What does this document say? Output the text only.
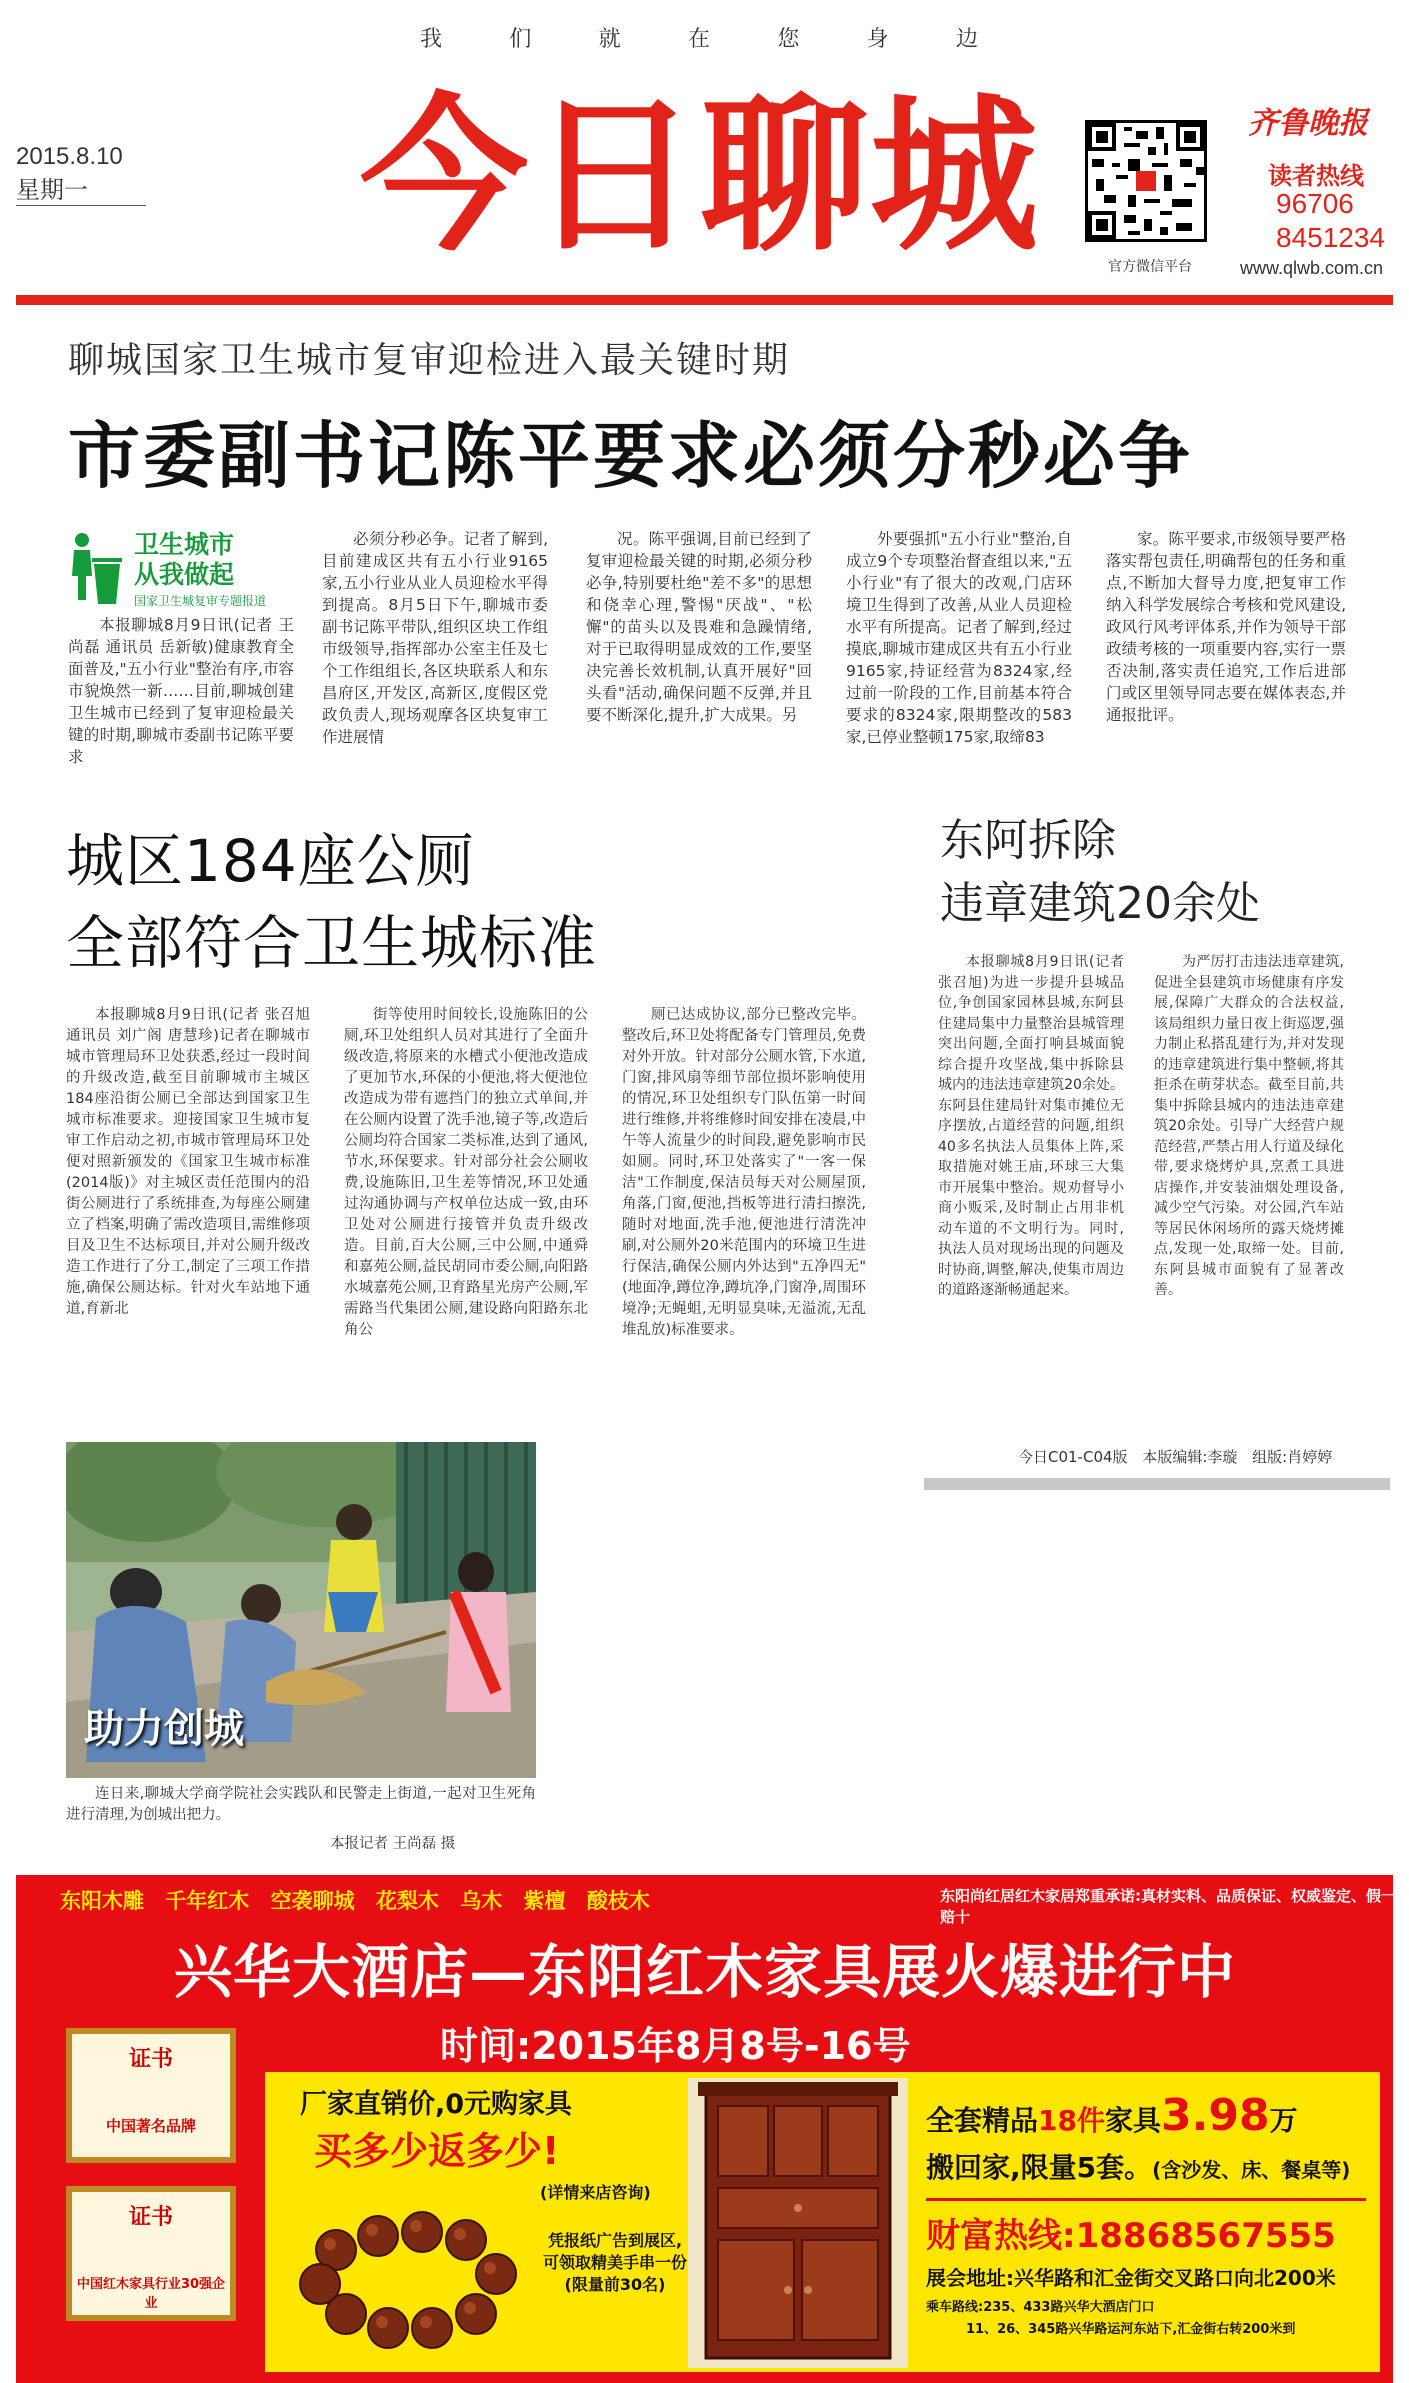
我	们	就	在	您	身	边
2015.8.10
星期一 今日聊城	官方微信平台
齐鲁晚报
读者热线
96706
8451234
www.qlwb.com.cn
聊城国家卫生城市复审迎检进入最关键时期
市委副书记陈平要求必须分秒必争
卫生城市
从我做起
国家卫生城复审专题报道

本报聊城8月9日讯(记者 王尚磊 通讯员 岳新敏)健康教育全面普及,"五小行业"整治有序,市容市貌焕然一新……目前,聊城创建卫生城市已经到了复审迎检最关键的时期,聊城市委副书记陈平要求

必须分秒必争。记者了解到,目前建成区共有五小行业9165家,五小行业从业人员迎检水平得到提高。8月5日下午,聊城市委副书记陈平带队,组织区块工作组市级领导,指挥部办公室主任及七个工作组组长,各区块联系人和东昌府区,开发区,高新区,度假区党政负责人,现场观摩各区块复审工作进展情

况。陈平强调,目前已经到了复审迎检最关键的时期,必须分秒必争,特别要杜绝"差不多"的思想和侥幸心理,警惕"厌战"、"松懈"的苗头以及畏难和急躁情绪,对于已取得明显成效的工作,要坚决完善长效机制,认真开展好"回头看"活动,确保问题不反弹,并且要不断深化,提升,扩大成果。另

外要强抓"五小行业"整治,自成立9个专项整治督查组以来,"五小行业"有了很大的改观,门店环境卫生得到了改善,从业人员迎检水平有所提高。记者了解到,经过摸底,聊城市建成区共有五小行业9165家,持证经营为8324家,经过前一阶段的工作,目前基本符合要求的8324家,限期整改的583家,已停业整顿175家,取缔83

家。陈平要求,市级领导要严格落实帮包责任,明确帮包的任务和重点,不断加大督导力度,把复审工作纳入科学发展综合考核和党风建设,政风行风考评体系,并作为领导干部政绩考核的一项重要内容,实行一票否决制,落实责任追究,工作后进部门或区里领导同志要在媒体表态,并通报批评。

城区184座公厕
全部符合卫生城标准

本报聊城8月9日讯(记者 张召旭 通讯员 刘广阁 唐慧珍)记者在聊城市城市管理局环卫处获悉,经过一段时间的升级改造,截至目前聊城市主城区184座沿街公厕已全部达到国家卫生城市标准要求。迎接国家卫生城市复审工作启动之初,市城市管理局环卫处便对照新颁发的《国家卫生城市标准(2014版)》对主城区责任范围内的沿街公厕进行了系统排查,为每座公厕建立了档案,明确了需改造项目,需维修项目及卫生不达标项目,并对公厕升级改造工作进行了分工,制定了三项工作措施,确保公厕达标。针对火车站地下通道,育新北

街等使用时间较长,设施陈旧的公厕,环卫处组织人员对其进行了全面升级改造,将原来的水槽式小便池改造成了更加节水,环保的小便池,将大便池位改造成为带有遮挡门的独立式单间,并在公厕内设置了洗手池,镜子等,改造后公厕均符合国家二类标准,达到了通风,节水,环保要求。针对部分社会公厕收费,设施陈旧,卫生差等情况,环卫处通过沟通协调与产权单位达成一致,由环卫处对公厕进行接管并负责升级改造。目前,百大公厕,三中公厕,中通舜和嘉苑公厕,益民胡同市委公厕,向阳路水城嘉苑公厕,卫育路星光房产公厕,军需路当代集团公厕,建设路向阳路东北角公

厕已达成协议,部分已整改完毕。整改后,环卫处将配备专门管理员,免费对外开放。针对部分公厕水管,下水道,门窗,排风扇等细节部位损坏影响使用的情况,环卫处组织专门队伍第一时间进行维修,并将维修时间安排在凌晨,中午等人流量少的时间段,避免影响市民如厕。同时,环卫处落实了"一客一保洁"工作制度,保洁员每天对公厕屋顶,角落,门窗,便池,挡板等进行清扫擦洗,随时对地面,洗手池,便池进行清洗冲刷,对公厕外20米范围内的环境卫生进行保洁,确保公厕内外达到"五净四无"(地面净,蹲位净,蹲坑净,门窗净,周围环境净;无蝇蛆,无明显臭味,无溢流,无乱堆乱放)标准要求。

东阿拆除
违章建筑20余处

本报聊城8月9日讯(记者 张召旭)为进一步提升县城品位,争创国家园林县城,东阿县住建局集中力量整治县城管理突出问题,全面打响县城面貌综合提升攻坚战,集中拆除县城内的违法违章建筑20余处。东阿县住建局针对集市摊位无序摆放,占道经营的问题,组织40多名执法人员集体上阵,采取措施对姚王庙,环球三大集市开展集中整治。规劝督导小商小贩采,及时制止占用非机动车道的不文明行为。同时,执法人员对现场出现的问题及时协商,调整,解决,使集市周边的道路逐渐畅通起来。

为严厉打击违法违章建筑,促进全县建筑市场健康有序发展,保障广大群众的合法权益,该局组织力量日夜上街巡逻,强力制止私搭乱建行为,并对发现的违章建筑进行集中整顿,将其拒杀在萌芽状态。截至目前,共集中拆除县城内的违法违章建筑20余处。引导广大经营户规范经营,严禁占用人行道及绿化带,要求烧烤炉具,烹煮工具进店操作,并安装油烟处理设备,减少空气污染。对公园,汽车站等居民休闲场所的露天烧烤摊点,发现一处,取缔一处。目前,东阿县城市面貌有了显著改善。

今日C01-C04版 本版编辑:李璇 组版:肖婷婷
助力创城

连日来,聊城大学商学院社会实践队和民警走上街道,一起对卫生死角进行清理,为创城出把力。

本报记者 王尚磊 摄
东阳木雕 千年红木 空袭聊城 花梨木 乌木 紫檀 酸枝木	东阳尚红居红木家居郑重承诺:真材实料、品质保证、权威鉴定、假一赔十
兴华大酒店—东阳红木家具展火爆进行中
时间:2015年8月8号-16号
证书
中国著名品牌
证书
中国红木家具行业30强企业
厂家直销价,0元购家具
买多少返多少!
(详情来店咨询)
凭报纸广告到展区,
可领取精美手串一份
(限量前30名)
全套精品18件家具3.98万
搬回家,限量5套。(含沙发、床、餐桌等)
财富热线:18868567555
展会地址:兴华路和汇金街交叉路口向北200米
乘车路线:235、433路兴华大酒店门口
11、26、345路兴华路运河东站下,汇金街右转200米到
